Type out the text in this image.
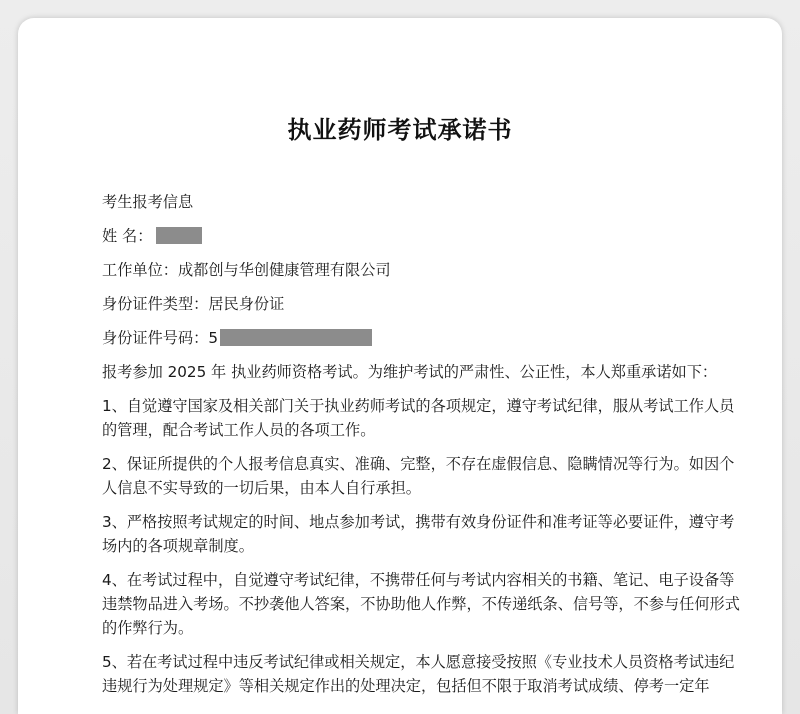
执业药师考试承诺书
考生报考信息
姓 名：
工作单位：成都创与华创健康管理有限公司
身份证件类型：居民身份证
身份证件号码：5
报考参加 2025 年 执业药师资格考试。为维护考试的严肃性、公正性，本人郑重承诺如下：
1、自觉遵守国家及相关部门关于执业药师考试的各项规定，遵守考试纪律，服从考试工作人员的管理，配合考试工作人员的各项工作。
2、保证所提供的个人报考信息真实、准确、完整，不存在虚假信息、隐瞒情况等行为。如因个人信息不实导致的一切后果，由本人自行承担。
3、严格按照考试规定的时间、地点参加考试，携带有效身份证件和准考证等必要证件，遵守考场内的各项规章制度。
4、在考试过程中，自觉遵守考试纪律，不携带任何与考试内容相关的书籍、笔记、电子设备等违禁物品进入考场。不抄袭他人答案，不协助他人作弊，不传递纸条、信号等，不参与任何形式的作弊行为。
5、若在考试过程中违反考试纪律或相关规定，本人愿意接受按照《专业技术人员资格考试违纪违规行为处理规定》等相关规定作出的处理决定，包括但不限于取消考试成绩、停考一定年
